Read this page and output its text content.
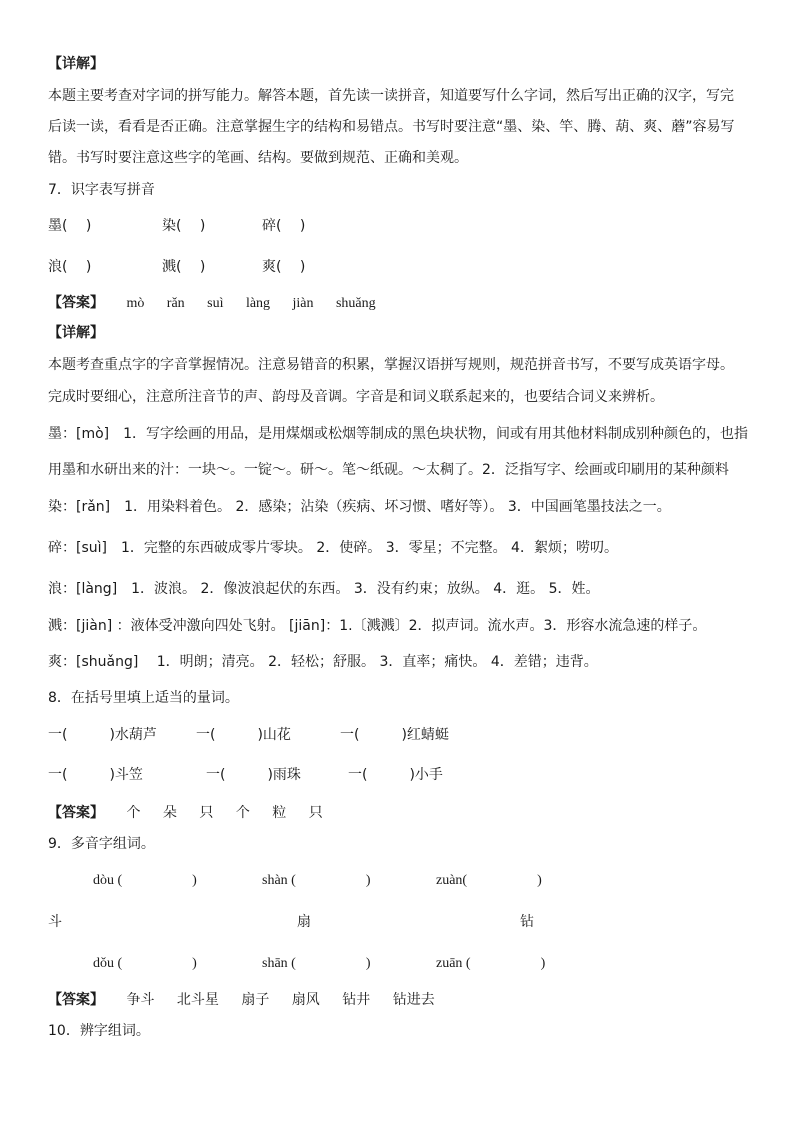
【详解】
本题主要考查对字词的拼写能力。解答本题，首先读一读拼音，知道要写什么字词，然后写出正确的汉字，写完
后读一读，看看是否正确。注意掌握生字的结构和易错点。书写时要注意“墨、染、竿、腾、葫、爽、蘑”容易写
错。书写时要注意这些字的笔画、结构。要做到规范、正确和美观。
7．识字表写拼音
墨(　 )	染(　 )	碎(　 )
浪(　 )	溅(　 )	爽(　 )
【答案】 mò rǎn suì làng jiàn shuǎng
【详解】
本题考查重点字的字音掌握情况。注意易错音的积累，掌握汉语拼写规则，规范拼音书写，不要写成英语字母。
完成时要细心，注意所注音节的声、韵母及音调。字音是和词义联系起来的，也要结合词义来辨析。
墨：[mò]　1．写字绘画的用品，是用煤烟或松烟等制成的黑色块状物，间或有用其他材料制成别种颜色的，也指
用墨和水研出来的汁：一块～。一锭～。研～。笔～纸砚。～太稠了。2．泛指写字、绘画或印刷用的某种颜料
染：[rǎn]　1．用染料着色。 2．感染；沾染（疾病、坏习惯、嗜好等）。 3．中国画笔墨技法之一。
碎：[suì]　1．完整的东西破成零片零块。 2．使碎。 3．零星；不完整。 4．絮烦；唠叨。
浪：[làng]　1．波浪。 2．像波浪起伏的东西。 3．没有约束；放纵。 4．逛。 5．姓。
溅：[jiàn] ：液体受冲激向四处飞射。 [jiān]：1.〔溅溅〕2．拟声词。流水声。3．形容水流急速的样子。
爽：[shuǎng]　 1．明朗；清亮。 2．轻松；舒服。 3．直率；痛快。 4．差错；违背。
8．在括号里填上适当的量词。
一(　　　)水葫芦	一(　　　)山花	一(　　　)红蜻蜓
一(　　　)斗笠	一(　　　)雨珠	一(　　　)小手
【答案】 个 朵 只 个 粒 只
9．多音字组词。
dòu (　　　　　)	shàn (　　　　　)	zuàn(　　　　　)
斗	扇	钻
dǒu (　　　　　)	shān (　　　　　)	zuān (　　　　　)
【答案】 争斗 北斗星 扇子 扇风 钻井 钻进去
10．辨字组词。
